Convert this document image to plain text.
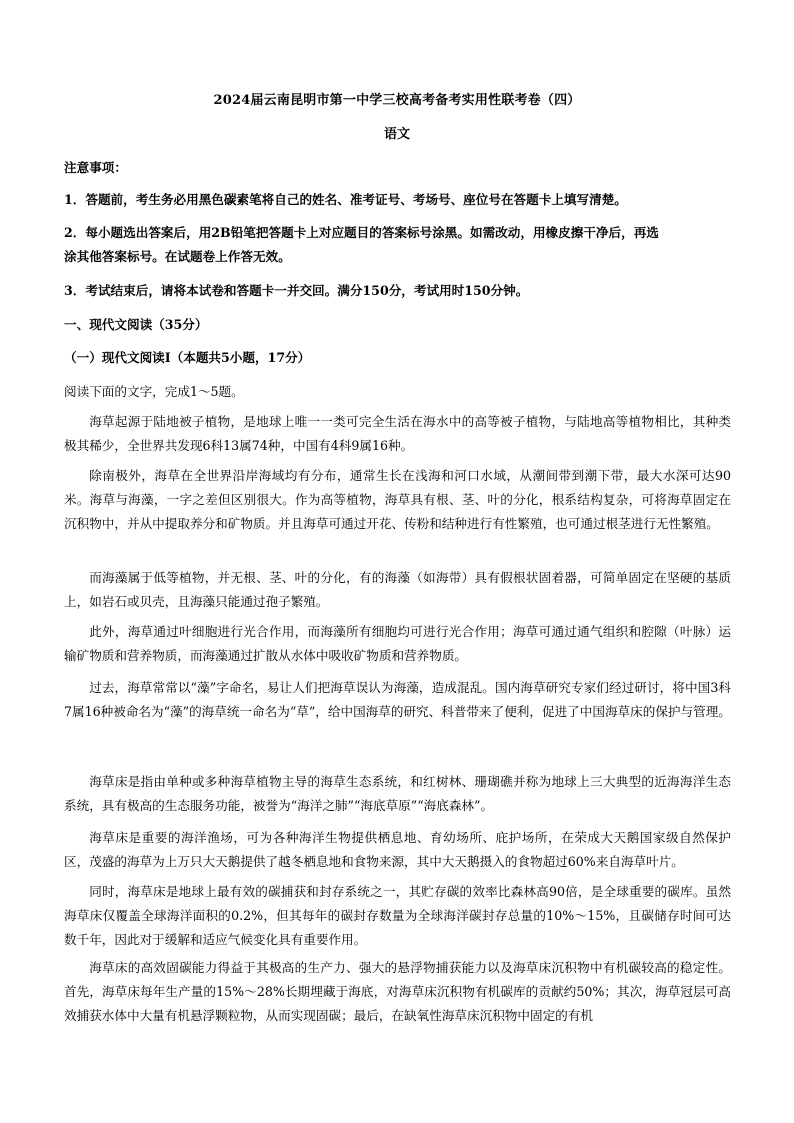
2024届云南昆明市第一中学三校高考备考实用性联考卷（四）
语文
注意事项：
1．答题前，考生务必用黑色碳素笔将自己的姓名、准考证号、考场号、座位号在答题卡上填写清楚。
2．每小题选出答案后，用2B铅笔把答题卡上对应题目的答案标号涂黑。如需改动，用橡皮擦干净后，再选
涂其他答案标号。在试题卷上作答无效。
3．考试结束后，请将本试卷和答题卡一并交回。满分150分，考试用时150分钟。
一、现代文阅读（35分）
（一）现代文阅读Ⅰ（本题共5小题，17分）
阅读下面的文字，完成1～5题。
海草起源于陆地被子植物，是地球上唯一一类可完全生活在海水中的高等被子植物，与陆地高等植物相比，其种类极其稀少，全世界共发现6科13属74种，中国有4科9属16种。
除南极外，海草在全世界沿岸海域均有分布，通常生长在浅海和河口水域，从潮间带到潮下带，最大水深可达90米。海草与海藻，一字之差但区别很大。作为高等植物，海草具有根、茎、叶的分化，根系结构复杂，可将海草固定在沉积物中，并从中提取养分和矿物质。并且海草可通过开花、传粉和结种进行有性繁殖，也可通过根茎进行无性繁殖。
而海藻属于低等植物，并无根、茎、叶的分化，有的海藻（如海带）具有假根状固着器，可简单固定在坚硬的基质上，如岩石或贝壳，且海藻只能通过孢子繁殖。
此外，海草通过叶细胞进行光合作用，而海藻所有细胞均可进行光合作用；海草可通过通气组织和腔隙（叶脉）运输矿物质和营养物质，而海藻通过扩散从水体中吸收矿物质和营养物质。
过去，海草常常以“藻”字命名，易让人们把海草误认为海藻，造成混乱。国内海草研究专家们经过研讨，将中国3科7属16种被命名为“藻”的海草统一命名为“草”，给中国海草的研究、科普带来了便利，促进了中国海草床的保护与管理。
海草床是指由单种或多种海草植物主导的海草生态系统，和红树林、珊瑚礁并称为地球上三大典型的近海海洋生态系统，具有极高的生态服务功能，被誉为“海洋之肺”“海底草原”“海底森林”。
海草床是重要的海洋渔场，可为各种海洋生物提供栖息地、育幼场所、庇护场所，在荣成大天鹅国家级自然保护区，茂盛的海草为上万只大天鹅提供了越冬栖息地和食物来源，其中大天鹅摄入的食物超过60%来自海草叶片。
同时，海草床是地球上最有效的碳捕获和封存系统之一，其贮存碳的效率比森林高90倍，是全球重要的碳库。虽然海草床仅覆盖全球海洋面积的0.2%，但其每年的碳封存数量为全球海洋碳封存总量的10%～15%，且碳储存时间可达数千年，因此对于缓解和适应气候变化具有重要作用。
海草床的高效固碳能力得益于其极高的生产力、强大的悬浮物捕获能力以及海草床沉积物中有机碳较高的稳定性。首先，海草床每年生产量的15%～28%长期埋藏于海底，对海草床沉积物有机碳库的贡献约50%；其次，海草冠层可高效捕获水体中大量有机悬浮颗粒物，从而实现固碳；最后，在缺氧性海草床沉积物中固定的有机
